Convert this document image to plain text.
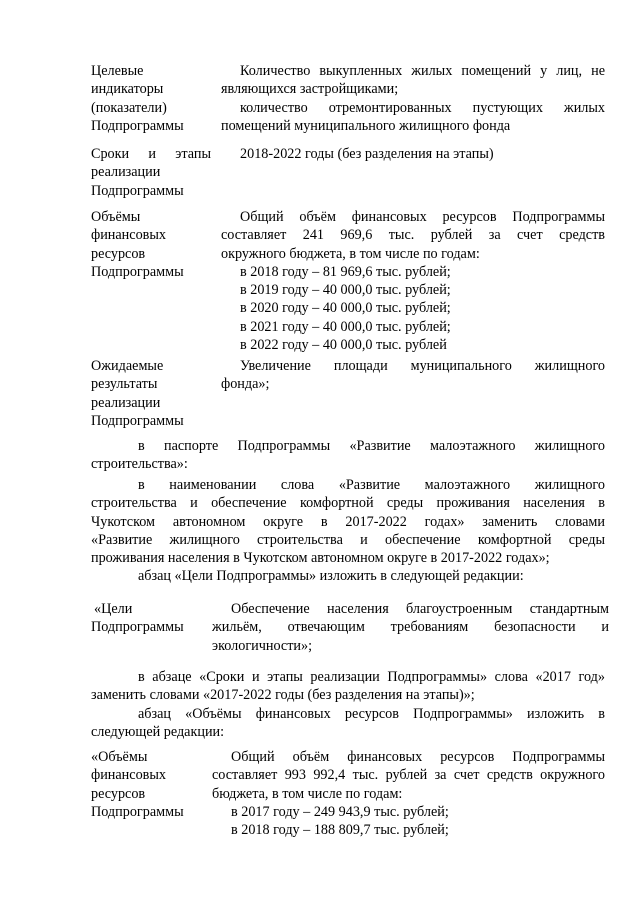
Целевые
индикаторы
(показатели)
Подпрограммы
Количество выкупленных жилых помещений у лиц, не
являющихся застройщиками;
количество отремонтированных пустующих жилых
помещений муниципального жилищного фонда
Сроки и этапы
реализации
Подпрограммы
2018-2022 годы (без разделения на этапы)
Объёмы
финансовых
ресурсов
Подпрограммы
Общий объём финансовых ресурсов Подпрограммы
составляет 241 969,6 тыс. рублей за счет средств
окружного бюджета, в том числе по годам:
в 2018 году – 81 969,6 тыс. рублей;
в 2019 году – 40 000,0 тыс. рублей;
в 2020 году – 40 000,0 тыс. рублей;
в 2021 году – 40 000,0 тыс. рублей;
в 2022 году – 40 000,0 тыс. рублей
Ожидаемые
результаты
реализации
Подпрограммы
Увеличение площади муниципального жилищного
фонда»;
в паспорте Подпрограммы «Развитие малоэтажного жилищного
строительства»:
в наименовании слова «Развитие малоэтажного жилищного
строительства и обеспечение комфортной среды проживания населения в
Чукотском автономном округе в 2017-2022 годах» заменить словами
«Развитие жилищного строительства и обеспечение комфортной среды
проживания населения в Чукотском автономном округе в 2017-2022 годах»;
абзац «Цели Подпрограммы» изложить в следующей редакции:
«Цели
Подпрограммы
Обеспечение населения благоустроенным стандартным
жильём, отвечающим требованиям безопасности и
экологичности»;
в абзаце «Сроки и этапы реализации Подпрограммы» слова «2017 год»
заменить словами «2017-2022 годы (без разделения на этапы)»;
абзац «Объёмы финансовых ресурсов Подпрограммы» изложить в
следующей редакции:
«Объёмы
финансовых
ресурсов
Подпрограммы
Общий объём финансовых ресурсов Подпрограммы
составляет 993 992,4 тыс. рублей за счет средств окружного
бюджета, в том числе по годам:
в 2017 году – 249 943,9 тыс. рублей;
в 2018 году – 188 809,7 тыс. рублей;
